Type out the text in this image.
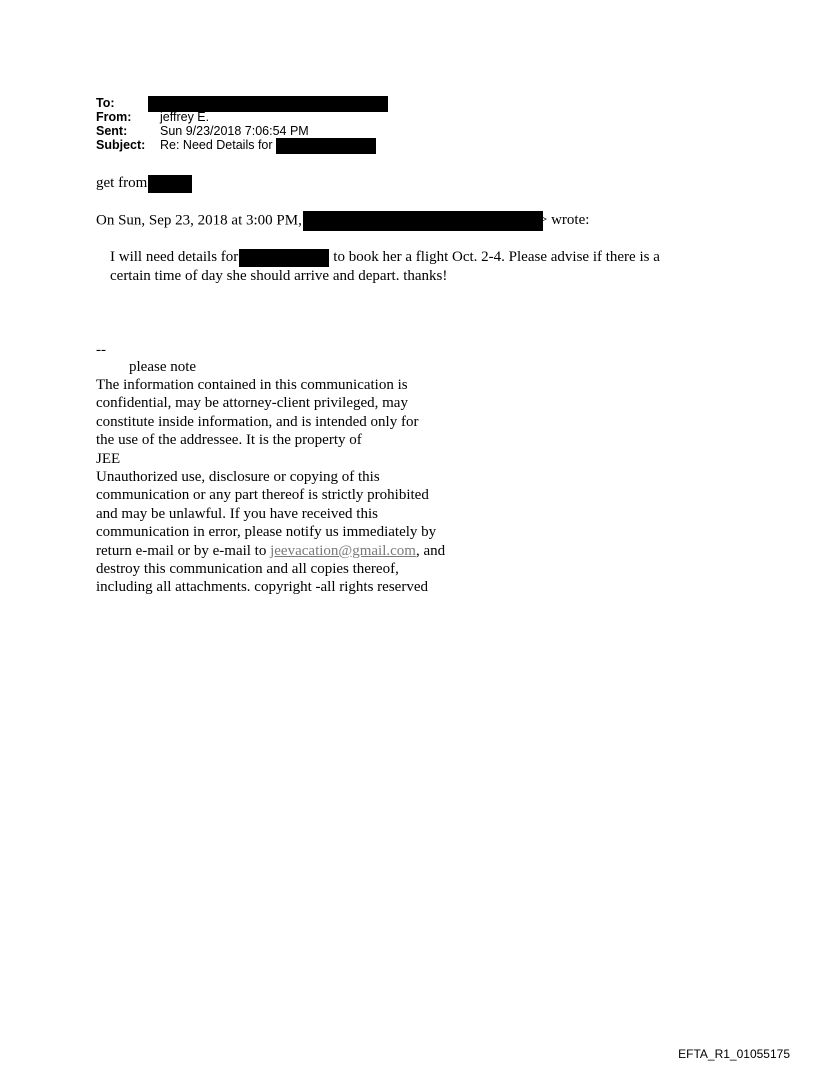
To:
From: jeffrey E.
Sent:	Sun 9/23/2018 7:06:54 PM
Subject: Re: Need Details for
get from
On Sun, Sep 23, 2018 at 3:00 PM,	> wrote:
I will need details for	to book her a flight Oct. 2-4. Please advise if there is a
certain time of day she should arrive and depart. thanks!
--
please note
The information contained in this communication is
confidential, may be attorney-client privileged, may
constitute inside information, and is intended only for
the use of the addressee. It is the property of
JEE
Unauthorized use, disclosure or copying of this
communication or any part thereof is strictly prohibited
and may be unlawful. If you have received this
communication in error, please notify us immediately by
return e-mail or by e-mail to jeevacation@gmail.com, and
destroy this communication and all copies thereof,
including all attachments. copyright -all rights reserved
EFTA_R1_01055175
